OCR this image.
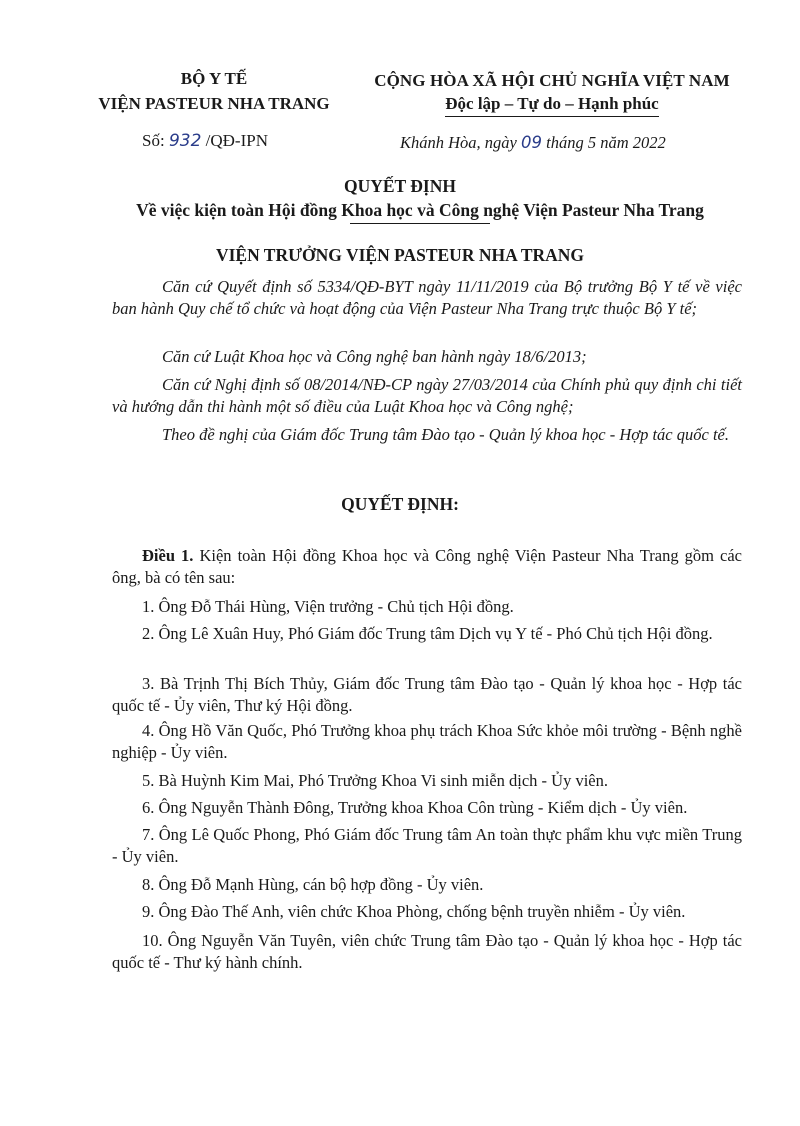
BỘ Y TẾ
VIỆN PASTEUR NHA TRANG
CỘNG HÒA XÃ HỘI CHỦ NGHĨA VIỆT NAM
Độc lập – Tự do – Hạnh phúc
Số: 932 /QĐ-IPN	Khánh Hòa, ngày 09 tháng 5 năm 2022
QUYẾT ĐỊNH
Về việc kiện toàn Hội đồng Khoa học và Công nghệ Viện Pasteur Nha Trang
VIỆN TRƯỞNG VIỆN PASTEUR NHA TRANG
Căn cứ Quyết định số 5334/QĐ-BYT ngày 11/11/2019 của Bộ trưởng Bộ Y tế về việc ban hành Quy chế tổ chức và hoạt động của Viện Pasteur Nha Trang trực thuộc Bộ Y tế;
Căn cứ Luật Khoa học và Công nghệ ban hành ngày 18/6/2013;
Căn cứ Nghị định số 08/2014/NĐ-CP ngày 27/03/2014 của Chính phủ quy định chi tiết và hướng dẫn thi hành một số điều của Luật Khoa học và Công nghệ;
Theo đề nghị của Giám đốc Trung tâm Đào tạo - Quản lý khoa học - Hợp tác quốc tế.
QUYẾT ĐỊNH:
Điều 1. Kiện toàn Hội đồng Khoa học và Công nghệ Viện Pasteur Nha Trang gồm các ông, bà có tên sau:
1. Ông Đỗ Thái Hùng, Viện trưởng - Chủ tịch Hội đồng.
2. Ông Lê Xuân Huy, Phó Giám đốc Trung tâm Dịch vụ Y tế - Phó Chủ tịch Hội đồng.
3. Bà Trịnh Thị Bích Thủy, Giám đốc Trung tâm Đào tạo - Quản lý khoa học - Hợp tác quốc tế - Ủy viên, Thư ký Hội đồng.
4. Ông Hồ Văn Quốc, Phó Trưởng khoa phụ trách Khoa Sức khỏe môi trường - Bệnh nghề nghiệp - Ủy viên.
5. Bà Huỳnh Kim Mai, Phó Trưởng Khoa Vi sinh miễn dịch - Ủy viên.
6. Ông Nguyễn Thành Đông, Trưởng khoa Khoa Côn trùng - Kiểm dịch - Ủy viên.
7. Ông Lê Quốc Phong, Phó Giám đốc Trung tâm An toàn thực phẩm khu vực miền Trung - Ủy viên.
8. Ông Đỗ Mạnh Hùng, cán bộ hợp đồng - Ủy viên.
9. Ông Đào Thế Anh, viên chức Khoa Phòng, chống bệnh truyền nhiễm - Ủy viên.
10. Ông Nguyễn Văn Tuyên, viên chức Trung tâm Đào tạo - Quản lý khoa học - Hợp tác quốc tế - Thư ký hành chính.
